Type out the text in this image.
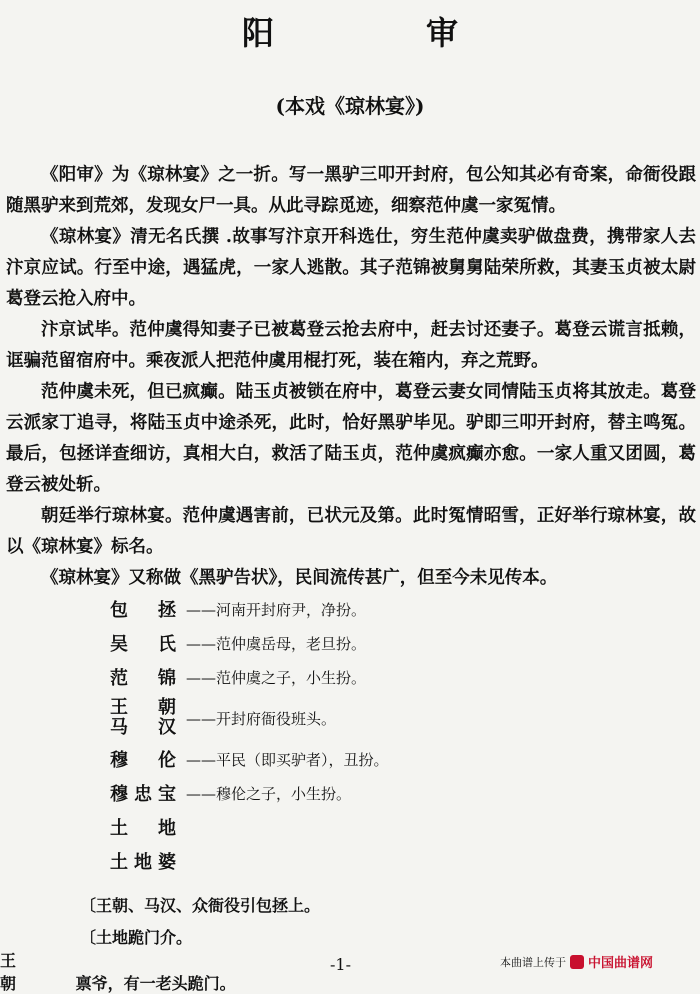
阳　审
(本戏《琼林宴》)

《阳审》为《琼林宴》之一折。写一黑驴三叩开封府，包公知其必有奇案，命衙役跟随黑驴来到荒郊，发现女尸一具。从此寻踪觅迹，细察范仲虞一家冤情。

《琼林宴》清无名氏撰 .故事写汴京开科选仕，穷生范仲虞卖驴做盘费，携带家人去汴京应试。行至中途，遇猛虎，一家人逃散。其子范锦被舅舅陆荣所救，其妻玉贞被太尉葛登云抢入府中。

汴京试毕。范仲虞得知妻子已被葛登云抢去府中，赶去讨还妻子。葛登云谎言抵赖，诓骗范留宿府中。乘夜派人把范仲虞用棍打死，装在箱内，弃之荒野。

范仲虞未死，但已疯癫。陆玉贞被锁在府中，葛登云妻女同情陆玉贞将其放走。葛登云派家丁追寻，将陆玉贞中途杀死，此时，恰好黑驴毕见。驴即三叩开封府，替主鸣冤。最后，包拯详查细访，真相大白，救活了陆玉贞，范仲虞疯癫亦愈。一家人重又团圆，葛登云被处斩。

朝廷举行琼林宴。范仲虞遇害前，已状元及第。此时冤情昭雪，正好举行琼林宴，故以《琼林宴》标名。

《琼林宴》又称做《黑驴告状》，民间流传甚广，但至今未见传本。

包　拯 ——河南开封府尹，净扮。
吴　氏 ——范仲虞岳母，老旦扮。
范　锦 ——范仲虞之子，小生扮。
王　朝
马　汉 ——开封府衙役班头。
穆　伦 ——平民（即买驴者），丑扮。
穆忠宝 ——穆伦之子，小生扮。
土　地
土地婆
〔王朝、马汉、众衙役引包拯上。
〔土地跪门介。
王　朝	禀爷，有一老头跪门。
-1-	本曲谱上传于 中国曲谱网
